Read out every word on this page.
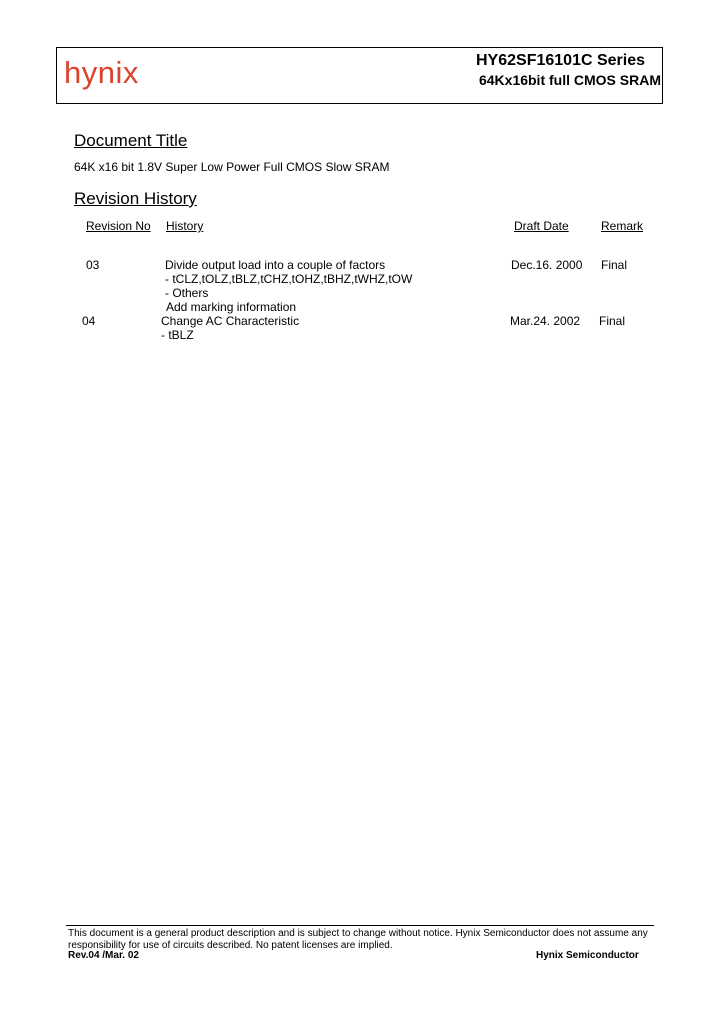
hynix	HY62SF16101C Series
64Kx16bit full CMOS SRAM
Document Title
64K x16 bit 1.8V Super Low Power Full CMOS Slow SRAM
Revision History
Revision No History	Draft Date	Remark
03	Divide output load into a couple of factors
- tCLZ,tOLZ,tBLZ,tCHZ,tOHZ,tBHZ,tWHZ,tOW
- Others
Add marking information
Dec.16. 2000 Final
04	Change AC Characteristic
- tBLZ
Mar.24. 2002 Final
This document is a general product description and is subject to change without notice. Hynix Semiconductor does not assume any responsibility for use of circuits described. No patent licenses are implied.
Rev.04 /Mar. 02	Hynix Semiconductor
